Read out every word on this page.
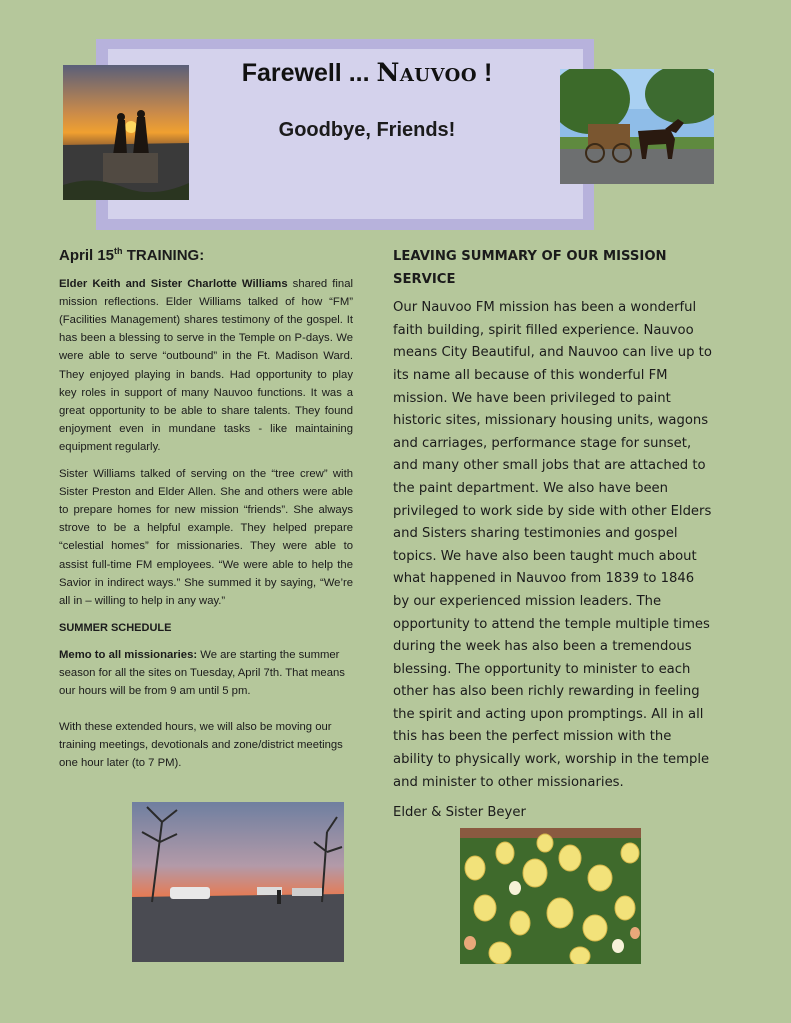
Farewell ... Nauvoo !
Goodbye, Friends!
April 15th TRAINING:

Elder Keith and Sister Charlotte Williams shared final mission reflections. Elder Williams talked of how “FM” (Facilities Management) shares testimony of the gospel. It has been a blessing to serve in the Temple on P-days. We were able to serve “outbound” in the Ft. Madison Ward. They enjoyed playing in bands. Had opportunity to play key roles in support of many Nauvoo functions. It was a great opportunity to be able to share talents. They found enjoyment even in mundane tasks - like maintaining equipment regularly.

Sister Williams talked of serving on the “tree crew” with Sister Preston and Elder Allen. She and others were able to prepare homes for new mission “friends”. She always strove to be a helpful example. They helped prepare “celestial homes” for missionaries. They were able to assist full-time FM employees. “We were able to help the Savior in indirect ways.” She summed it by saying, “We’re all in – willing to help in any way.”

SUMMER SCHEDULE

Memo to all missionaries: We are starting the summer season for all the sites on Tuesday, April 7th. That means our hours will be from 9 am until 5 pm.

With these extended hours, we will also be moving our training meetings, devotionals and zone/district meetings one hour later (to 7 PM).

LEAVING SUMMARY OF OUR MISSION SERVICE

Our Nauvoo FM mission has been a wonderful faith building, spirit filled experience. Nauvoo means City Beautiful, and Nauvoo can live up to its name all because of this wonderful FM mission. We have been privileged to paint historic sites, missionary housing units, wagons and carriages, performance stage for sunset, and many other small jobs that are attached to the paint department. We also have been privileged to work side by side with other Elders and Sisters sharing testimonies and gospel topics. We have also been taught much about what happened in Nauvoo from 1839 to 1846 by our experienced mission leaders. The opportunity to attend the temple multiple times during the week has also been a tremendous blessing. The opportunity to minister to each other has also been richly rewarding in feeling the spirit and acting upon promptings. All in all this has been the perfect mission with the ability to physically work, worship in the temple and minister to other missionaries.

Elder & Sister Beyer
